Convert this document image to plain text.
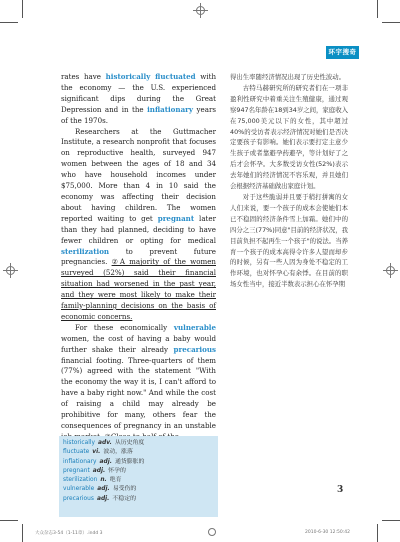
环宇搜奇

rates have historically fluctuated with the economy — the U.S. experienced significant dips during the Great Depression and in the inflationary years of the 1970s.

Researchers at the Guttmacher Institute, a research nonprofit that focuses on reproductive health, surveyed 947 women between the ages of 18 and 34 who have household incomes under $75,000. More than 4 in 10 said the economy was affecting their decision about having children. The women reported waiting to get pregnant later than they had planned, deciding to have fewer children or opting for medical sterilization to prevent future pregnancies. ②A majority of the women surveyed (52%) said their financial situation had worsened in the past year, and they were most likely to make their family-planning decisions on the basis of economic concerns.

For these economically vulnerable women, the cost of having a baby would further shake their already precarious financial footing. Three-quarters of them (77%) agreed with the statement "With the economy the way it is, I can't afford to have a baby right now." And while the cost of raising a child may already be prohibitive for many, others fear the consequences of pregnancy in an unstable

得出生率随经济情况出现了历史性波动。

古特马赫研究所的研究者们在一项非盈利性研究中着重关注生殖健康，通过观察947名年龄在18到34岁之间，家庭收入在75,000美元以下的女性，其中超过40%的受访者表示经济情况对她们是否决定要孩子有影响。她们表示要打定主意少生孩子或者靠避孕药避孕，等计划好了之后才会怀孕。大多数受访女性(52%)表示去年她们的经济情况不容乐观，并且她们会根据经济基础做出家庭计划。

对于这些脆弱并且要于稍打拼寓的女人们来说，要一个孩子的成本会使她们本已不稳固的经济条件雪上加霜。她们中的四分之三(77%)同意"目前的经济状况，我目前负担不起再生一个孩子"的说法。当养育一个孩子的成本高得令许多人望而却步的时候，另有一些人因为身处不稳定的工作环境，也对怀孕心有余悸。在目前的职场女性当中，接近半数表示担心在怀孕期

historically adv. 从历史角度
fluctuate vi. 波动，涨落
inflationary adj. 通货膨胀的
pregnant adj. 怀孕的
sterilization n. 绝育
vulnerable adj. 易受伤的
precarious adj. 不稳定的
3
大众杂志3-54（1-11章）.indd 3	2010-6-30 12:50:42
